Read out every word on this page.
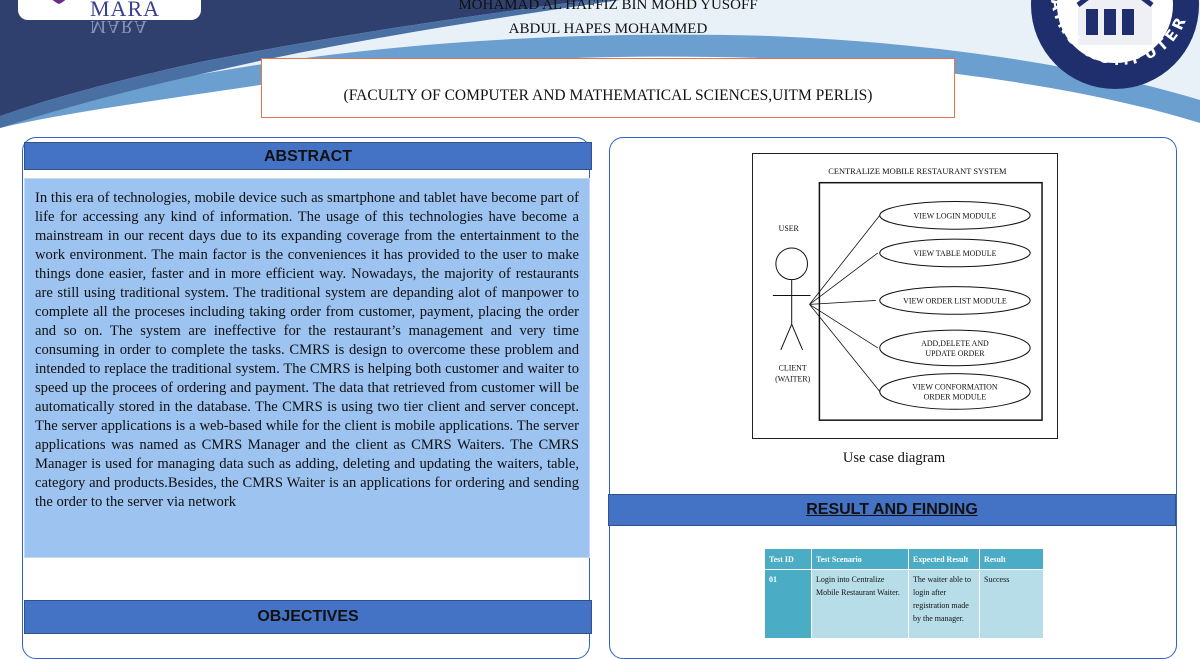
MARA
MARA
MOHAMAD AL HAFFIZ BIN MOHD YUSOFF
ABDUL HAPES MOHAMMED
(FACULTY OF COMPUTER AND MATHEMATICAL SCIENCES,UITM PERLIS)
AINS KOMPUTER
ABSTRACT
In this era of technologies, mobile device such as smartphone and tablet have become part of life for accessing any kind of information. The usage of this technologies have become a mainstream in our recent days due to its expanding coverage from the entertainment to the work environment. The main factor is the conveniences it has provided to the user to make things done easier, faster and in more efficient way. Nowadays, the majority of restaurants are still using traditional system. The traditional system are depanding alot of manpower to complete all the proceses including taking order from customer, payment, placing the order and so on. The system are ineffective for the restaurant’s management and very time consuming in order to complete the tasks. CMRS is design to overcome these problem and intended to replace the traditional system. The CMRS is helping both customer and waiter to speed up the procees of ordering and payment. The data that retrieved from customer will be automatically stored in the database. The CMRS is using two tier client and server concept. The server applications is a web-based while for the client is mobile applications. The server applications was named as CMRS Manager and the client as CMRS Waiters. The CMRS Manager is used for managing data such as adding, deleting and updating the waiters, table, category and products.Besides, the CMRS Waiter is an applications for ordering and sending the order to the server via network
OBJECTIVES
CENTRALIZE MOBILE RESTAURANT SYSTEM
USER
CLIENT
(WAITER)
VIEW LOGIN MODULE
VIEW TABLE MODULE
VIEW ORDER LIST MODULE
ADD,DELETE AND
UPDATE ORDER
VIEW CONFORMATION
ORDER MODULE
Use case diagram
RESULT AND FINDING
Test ID	Test Scenario	Expected Result	Result
01	Login into Centralize Mobile Restaurant Waiter.	The waiter able to login after registration made by the manager.	Success
